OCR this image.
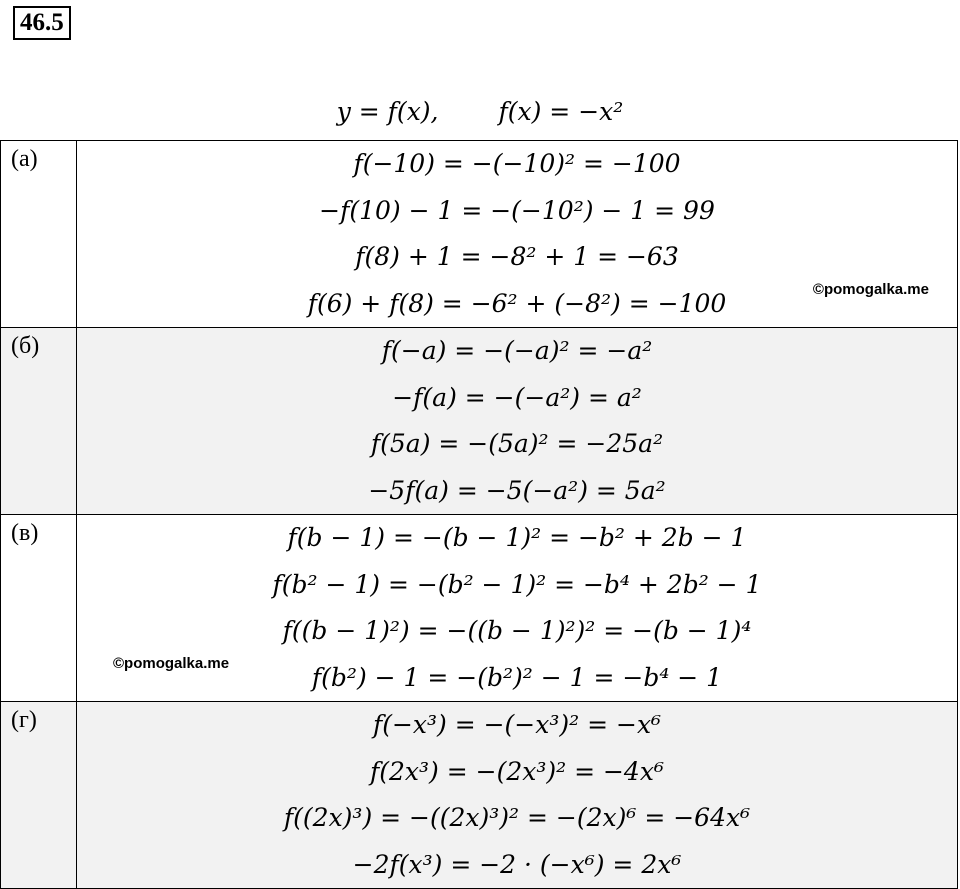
46.5
y = f(x), f(x) = −x²
(а)	f(−10) = −(−10)² = −100
−f(10) − 1 = −(−10²) − 1 = 99
f(8) + 1 = −8² + 1 = −63
f(6) + f(8) = −6² + (−8²) = −100 ©pomogalka.me

(б)	f(−a) = −(−a)² = −a²
−f(a) = −(−a²) = a²
f(5a) = −(5a)² = −25a²
−5f(a) = −5(−a²) = 5a²

(в)	f(b − 1) = −(b − 1)² = −b² + 2b − 1
f(b² − 1) = −(b² − 1)² = −b⁴ + 2b² − 1
f((b − 1)²) = −((b − 1)²)² = −(b − 1)⁴
f(b²) − 1 = −(b²)² − 1 = −b⁴ − 1
©pomogalka.me

(г)	f(−x³) = −(−x³)² = −x⁶
f(2x³) = −(2x³)² = −4x⁶
f((2x)³) = −((2x)³)² = −(2x)⁶ = −64x⁶
−2f(x³) = −2 · (−x⁶) = 2x⁶
